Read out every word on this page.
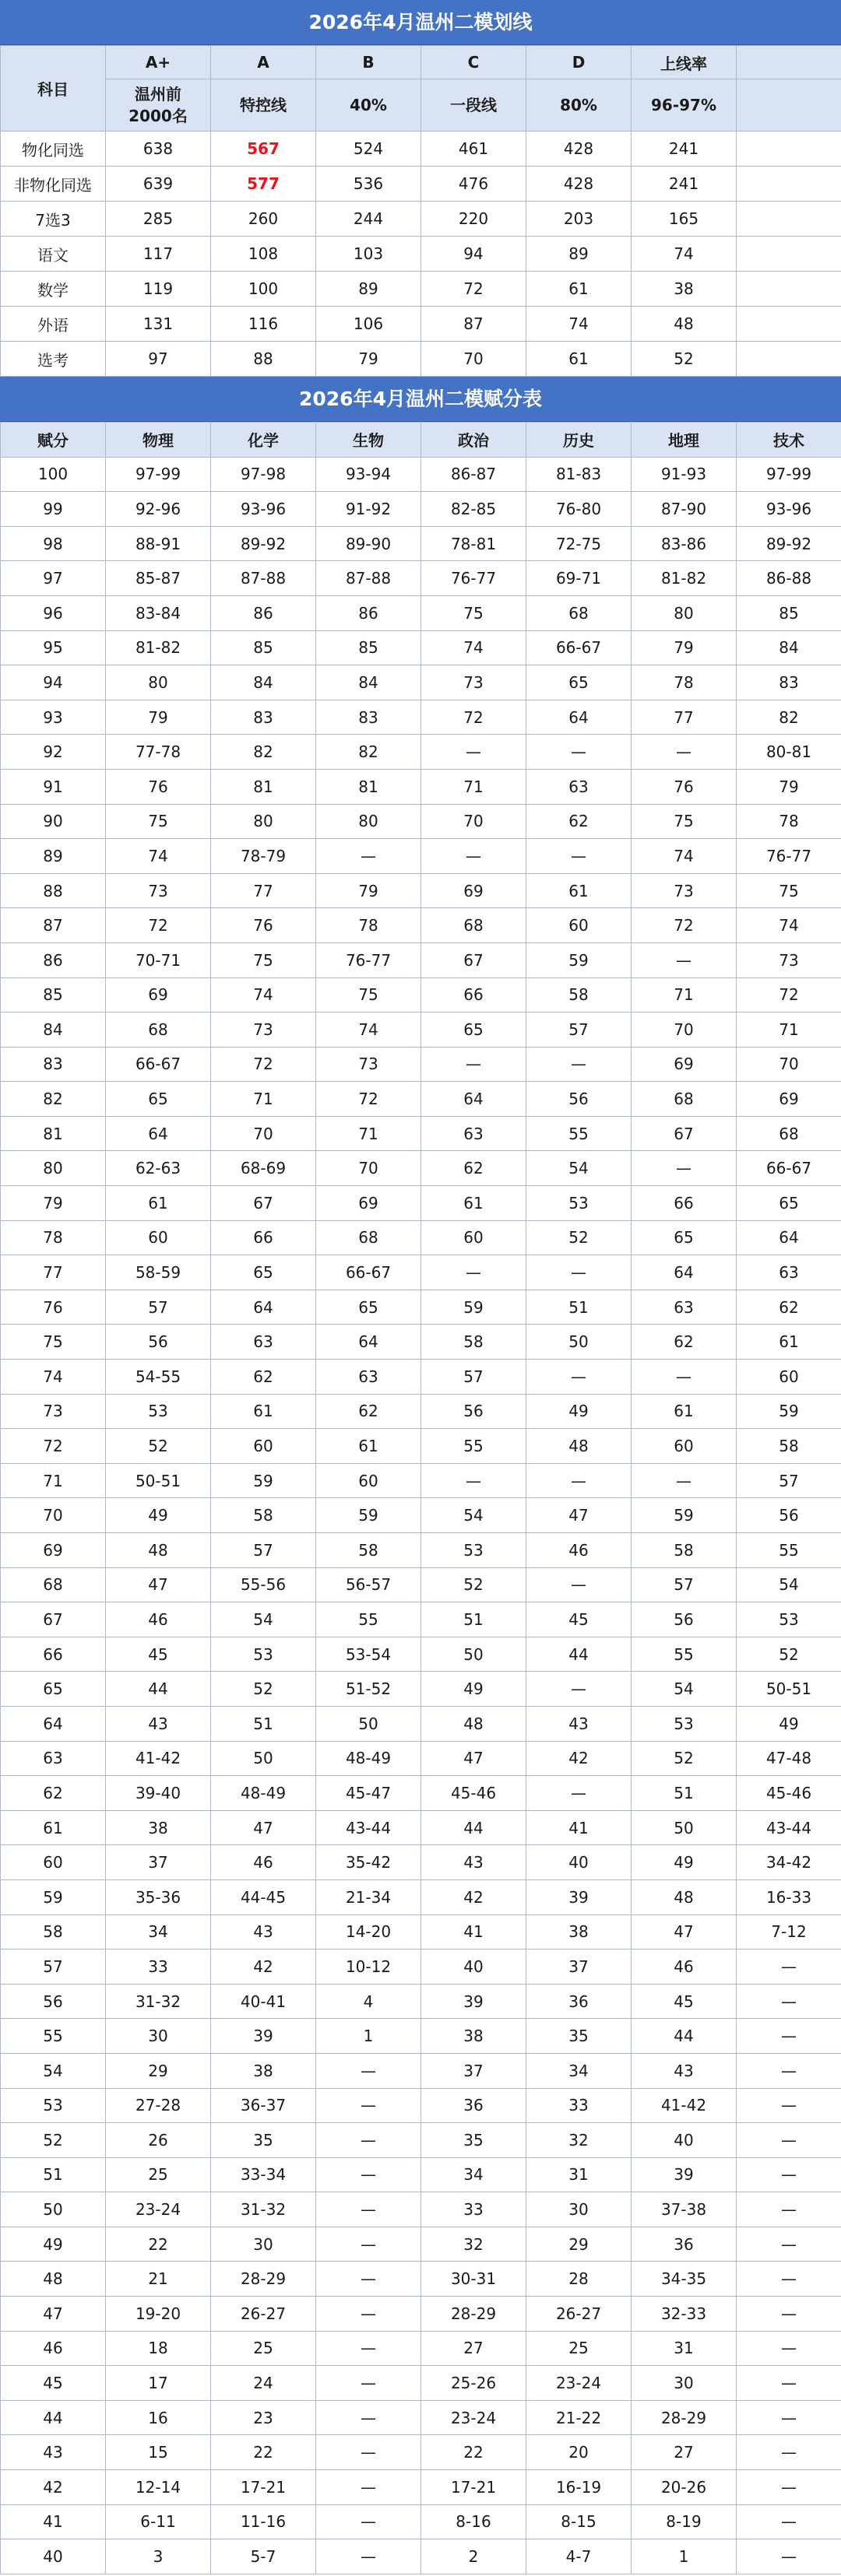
2026年4月温州二模划线
科目	A+	A	B	C	D	上线率	
	温州前
2000名	特控线	40%	一段线	80%	96-97%	
物化同选	638	567	524	461	428	241	
非物化同选	639	577	536	476	428	241	
7选3	285	260	244	220	203	165	
语文	117	108	103	94	89	74	
数学	119	100	89	72	61	38	
外语	131	116	106	87	74	48	
选考	97	88	79	70	61	52	
2026年4月温州二模赋分表
赋分	物理	化学	生物	政治	历史	地理	技术
100	97-99	97-98	93-94	86-87	81-83	91-93	97-99
99	92-96	93-96	91-92	82-85	76-80	87-90	93-96
98	88-91	89-92	89-90	78-81	72-75	83-86	89-92
97	85-87	87-88	87-88	76-77	69-71	81-82	86-88
96	83-84	86	86	75	68	80	85
95	81-82	85	85	74	66-67	79	84
94	80	84	84	73	65	78	83
93	79	83	83	72	64	77	82
92	77-78	82	82	—	—	—	80-81
91	76	81	81	71	63	76	79
90	75	80	80	70	62	75	78
89	74	78-79	—	—	—	74	76-77
88	73	77	79	69	61	73	75
87	72	76	78	68	60	72	74
86	70-71	75	76-77	67	59	—	73
85	69	74	75	66	58	71	72
84	68	73	74	65	57	70	71
83	66-67	72	73	—	—	69	70
82	65	71	72	64	56	68	69
81	64	70	71	63	55	67	68
80	62-63	68-69	70	62	54	—	66-67
79	61	67	69	61	53	66	65
78	60	66	68	60	52	65	64
77	58-59	65	66-67	—	—	64	63
76	57	64	65	59	51	63	62
75	56	63	64	58	50	62	61
74	54-55	62	63	57	—	—	60
73	53	61	62	56	49	61	59
72	52	60	61	55	48	60	58
71	50-51	59	60	—	—	—	57
70	49	58	59	54	47	59	56
69	48	57	58	53	46	58	55
68	47	55-56	56-57	52	—	57	54
67	46	54	55	51	45	56	53
66	45	53	53-54	50	44	55	52
65	44	52	51-52	49	—	54	50-51
64	43	51	50	48	43	53	49
63	41-42	50	48-49	47	42	52	47-48
62	39-40	48-49	45-47	45-46	—	51	45-46
61	38	47	43-44	44	41	50	43-44
60	37	46	35-42	43	40	49	34-42
59	35-36	44-45	21-34	42	39	48	16-33
58	34	43	14-20	41	38	47	7-12
57	33	42	10-12	40	37	46	—
56	31-32	40-41	4	39	36	45	—
55	30	39	1	38	35	44	—
54	29	38	—	37	34	43	—
53	27-28	36-37	—	36	33	41-42	—
52	26	35	—	35	32	40	—
51	25	33-34	—	34	31	39	—
50	23-24	31-32	—	33	30	37-38	—
49	22	30	—	32	29	36	—
48	21	28-29	—	30-31	28	34-35	—
47	19-20	26-27	—	28-29	26-27	32-33	—
46	18	25	—	27	25	31	—
45	17	24	—	25-26	23-24	30	—
44	16	23	—	23-24	21-22	28-29	—
43	15	22	—	22	20	27	—
42	12-14	17-21	—	17-21	16-19	20-26	—
41	6-11	11-16	—	8-16	8-15	8-19	—
40	3	5-7	—	2	4-7	1	—
